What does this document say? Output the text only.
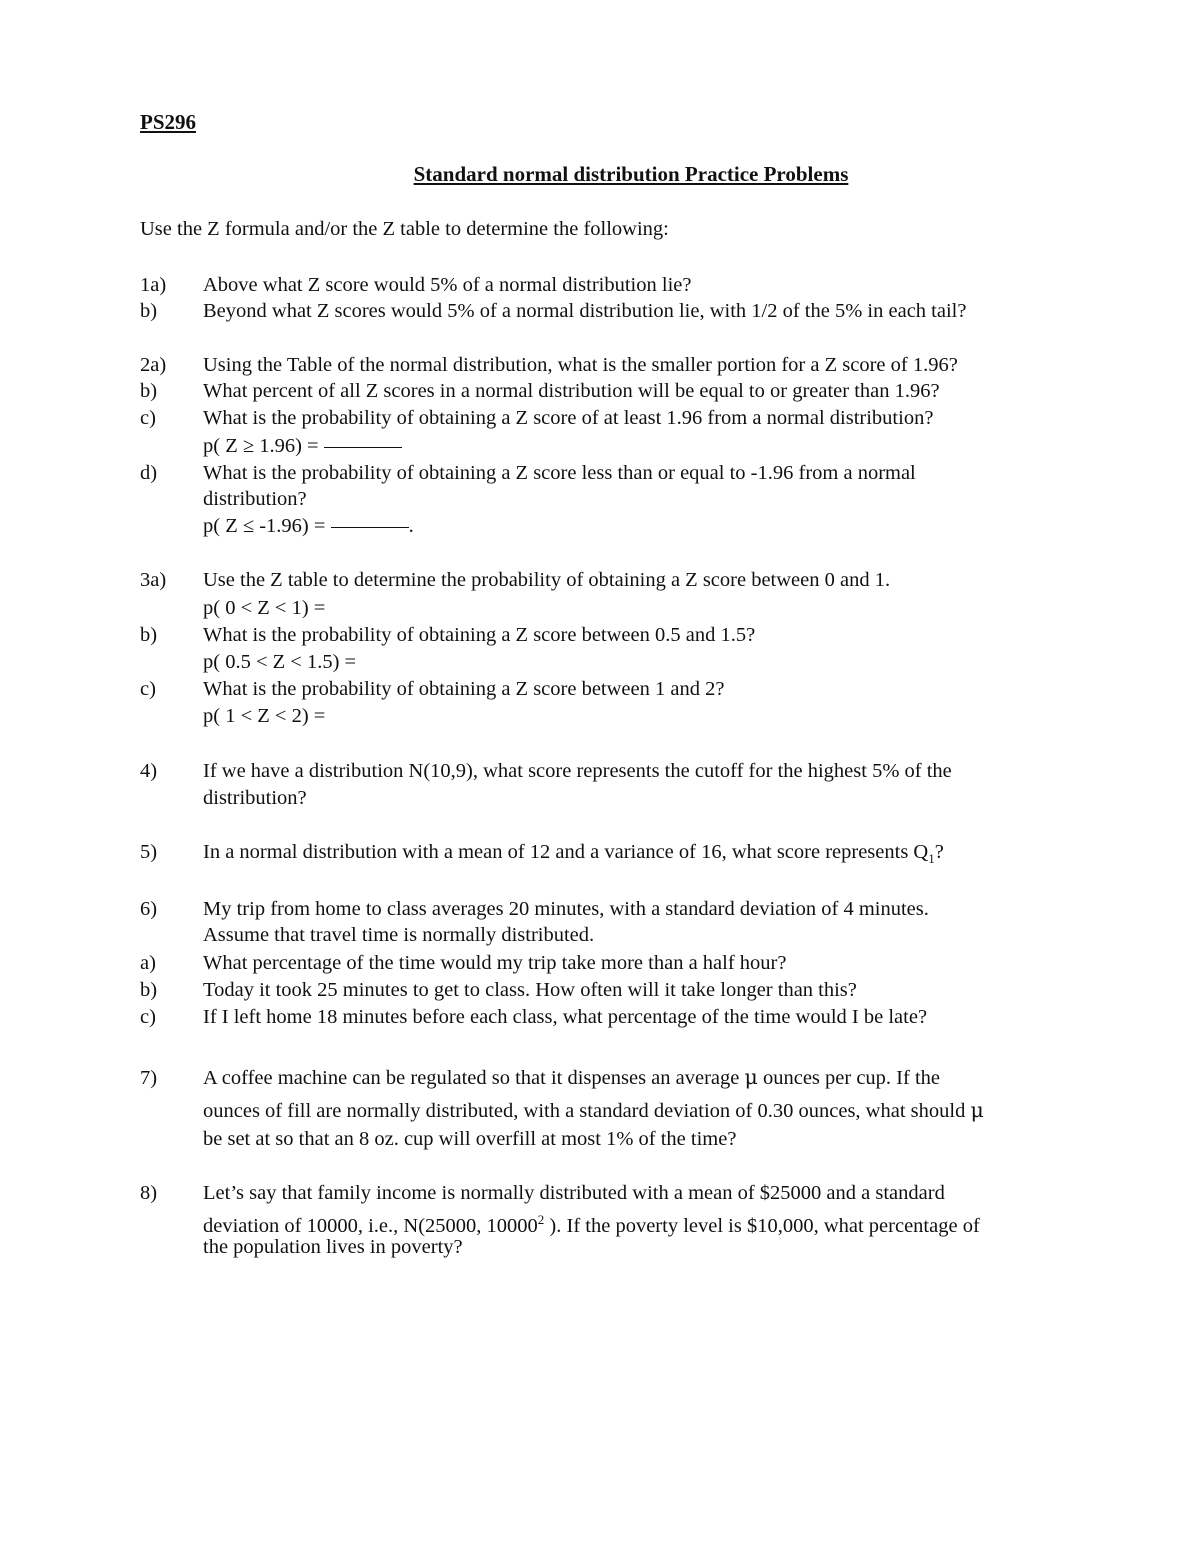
PS296
Standard normal distribution Practice Problems
Use the Z formula and/or the Z table to determine the following:
1a) Above what Z score would 5% of a normal distribution lie?
b) Beyond what Z scores would 5% of a normal distribution lie, with 1/2 of the 5% in each tail?
2a) Using the Table of the normal distribution, what is the smaller portion for a Z score of 1.96?
b) What percent of all Z scores in a normal distribution will be equal to or greater than 1.96?
c) What is the probability of obtaining a Z score of at least 1.96 from a normal distribution?
p( Z ≥ 1.96) =
d) What is the probability of obtaining a Z score less than or equal to -1.96 from a normal
distribution?
p( Z ≤ -1.96) =	.
3a) Use the Z table to determine the probability of obtaining a Z score between 0 and 1.
p( 0 < Z < 1) =
b) What is the probability of obtaining a Z score between 0.5 and 1.5?
p( 0.5 < Z < 1.5) =
c) What is the probability of obtaining a Z score between 1 and 2?
p( 1 < Z < 2) =
4) If we have a distribution N(10,9), what score represents the cutoff for the highest 5% of the
distribution?
5) In a normal distribution with a mean of 12 and a variance of 16, what score represents $Q_1$?
6) My trip from home to class averages 20 minutes, with a standard deviation of 4 minutes.
Assume that travel time is normally distributed.
a) What percentage of the time would my trip take more than a half hour?
b) Today it took 25 minutes to get to class. How often will it take longer than this?
c) If I left home 18 minutes before each class, what percentage of the time would I be late?
7) A coffee machine can be regulated so that it dispenses an average μ ounces per cup. If the
ounces of fill are normally distributed, with a standard deviation of 0.30 ounces, what should μ
be set at so that an 8 oz. cup will overfill at most 1% of the time?
8) Let’s say that family income is normally distributed with a mean of $25000 and a standard
deviation of 10000, i.e., N(25000, 10000$^2$ ). If the poverty level is $10,000, what percentage of
the population lives in poverty?
